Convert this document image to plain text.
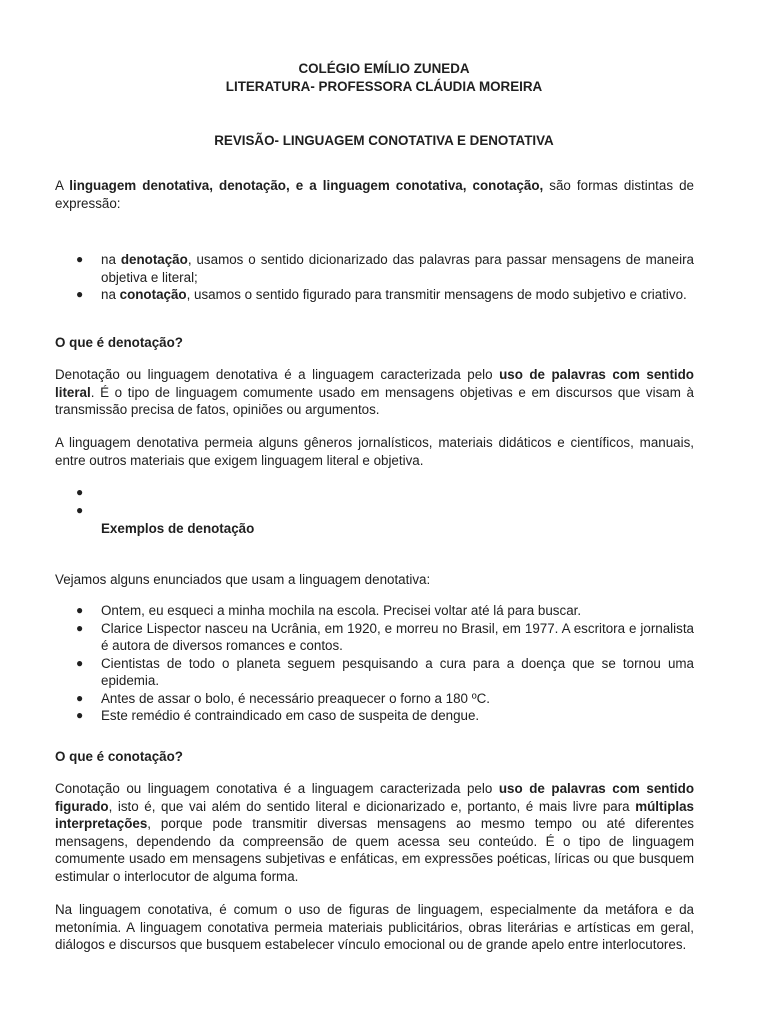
COLÉGIO EMÍLIO ZUNEDA
LITERATURA- PROFESSORA CLÁUDIA MOREIRA
REVISÃO- LINGUAGEM CONOTATIVA E DENOTATIVA
A linguagem denotativa, denotação, e a linguagem conotativa, conotação, são formas distintas de expressão:
● na denotação, usamos o sentido dicionarizado das palavras para passar mensagens de maneira objetiva e literal;
● na conotação, usamos o sentido figurado para transmitir mensagens de modo subjetivo e criativo.
O que é denotação?
Denotação ou linguagem denotativa é a linguagem caracterizada pelo uso de palavras com sentido literal. É o tipo de linguagem comumente usado em mensagens objetivas e em discursos que visam à transmissão precisa de fatos, opiniões ou argumentos.
A linguagem denotativa permeia alguns gêneros jornalísticos, materiais didáticos e científicos, manuais, entre outros materiais que exigem linguagem literal e objetiva.
●

●

Exemplos de denotação
Vejamos alguns enunciados que usam a linguagem denotativa:
● Ontem, eu esqueci a minha mochila na escola. Precisei voltar até lá para buscar.
● Clarice Lispector nasceu na Ucrânia, em 1920, e morreu no Brasil, em 1977. A escritora e jornalista é autora de diversos romances e contos.
● Cientistas de todo o planeta seguem pesquisando a cura para a doença que se tornou uma epidemia.
● Antes de assar o bolo, é necessário preaquecer o forno a 180 ºC.
● Este remédio é contraindicado em caso de suspeita de dengue.
O que é conotação?
Conotação ou linguagem conotativa é a linguagem caracterizada pelo uso de palavras com sentido figurado, isto é, que vai além do sentido literal e dicionarizado e, portanto, é mais livre para múltiplas interpretações, porque pode transmitir diversas mensagens ao mesmo tempo ou até diferentes mensagens, dependendo da compreensão de quem acessa seu conteúdo. É o tipo de linguagem comumente usado em mensagens subjetivas e enfáticas, em expressões poéticas, líricas ou que busquem estimular o interlocutor de alguma forma.
Na linguagem conotativa, é comum o uso de figuras de linguagem, especialmente da metáfora e da metonímia. A linguagem conotativa permeia materiais publicitários, obras literárias e artísticas em geral, diálogos e discursos que busquem estabelecer vínculo emocional ou de grande apelo entre interlocutores.
